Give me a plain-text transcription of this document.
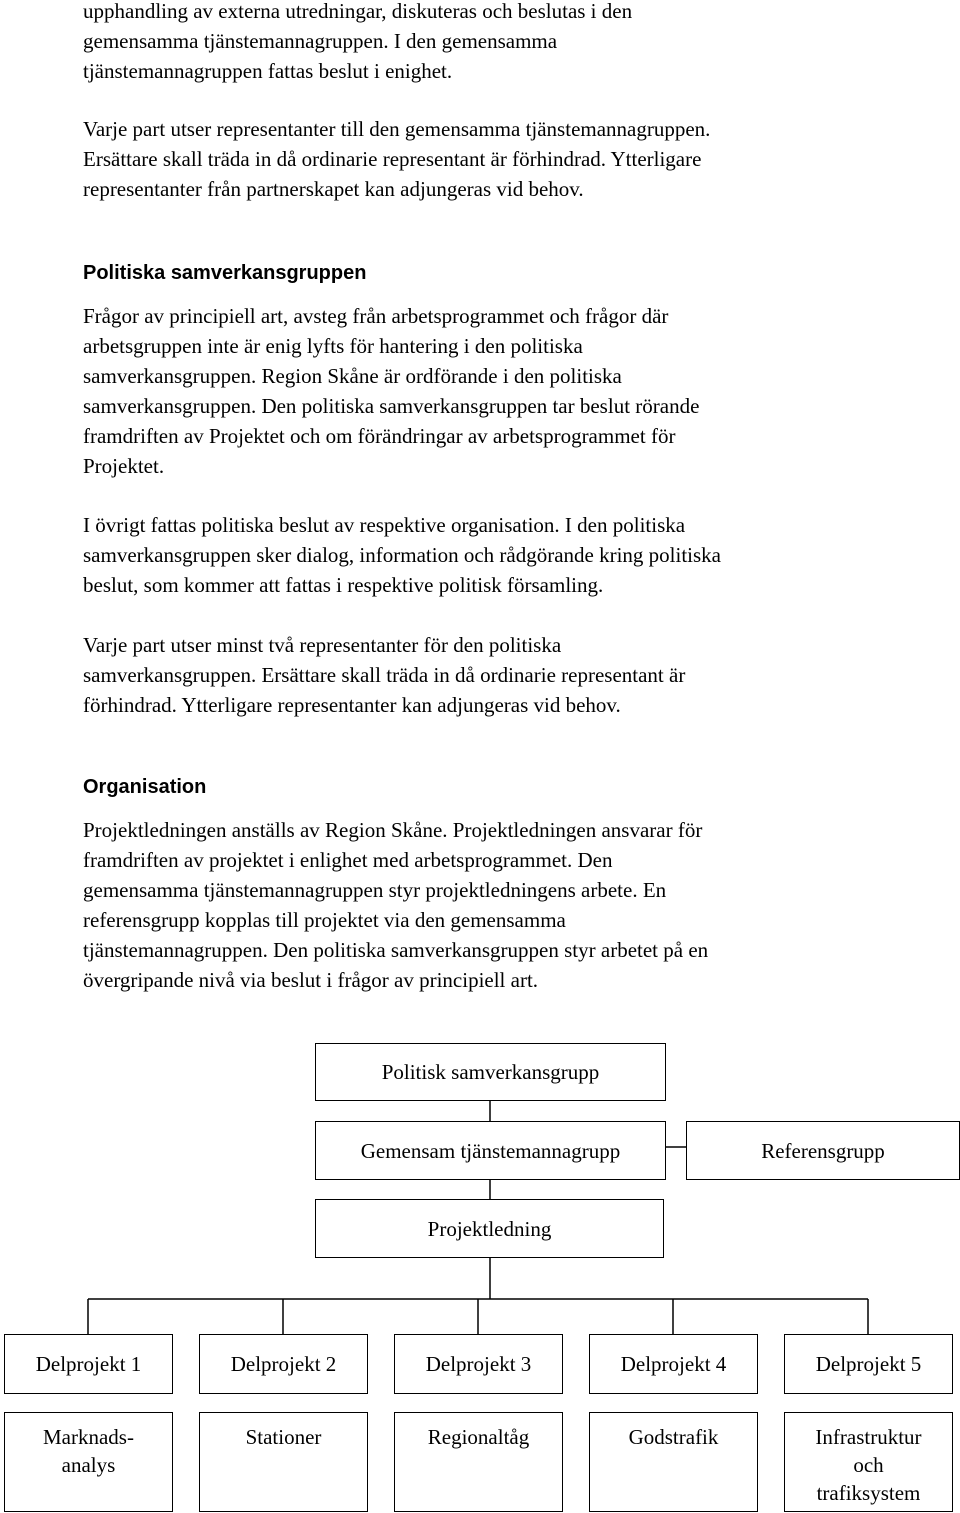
upphandling av externa utredningar, diskuteras och beslutas i den
gemensamma tjänstemannagruppen. I den gemensamma
tjänstemannagruppen fattas beslut i enighet.

Varje part utser representanter till den gemensamma tjänstemannagruppen.
Ersättare skall träda in då ordinarie representant är förhindrad. Ytterligare
representanter från partnerskapet kan adjungeras vid behov.

Politiska samverkansgruppen

Frågor av principiell art, avsteg från arbetsprogrammet och frågor där
arbetsgruppen inte är enig lyfts för hantering i den politiska
samverkansgruppen. Region Skåne är ordförande i den politiska
samverkansgruppen. Den politiska samverkansgruppen tar beslut rörande
framdriften av Projektet och om förändringar av arbetsprogrammet för
Projektet.

I övrigt fattas politiska beslut av respektive organisation. I den politiska
samverkansgruppen sker dialog, information och rådgörande kring politiska
beslut, som kommer att fattas i respektive politisk församling.

Varje part utser minst två representanter för den politiska
samverkansgruppen. Ersättare skall träda in då ordinarie representant är
förhindrad. Ytterligare representanter kan adjungeras vid behov.

Organisation

Projektledningen anställs av Region Skåne. Projektledningen ansvarar för
framdriften av projektet i enlighet med arbetsprogrammet. Den
gemensamma tjänstemannagruppen styr projektledningens arbete. En
referensgrupp kopplas till projektet via den gemensamma
tjänstemannagruppen. Den politiska samverkansgruppen styr arbetet på en
övergripande nivå via beslut i frågor av principiell art.

Politisk samverkansgrupp
Gemensam tjänstemannagrupp	Referensgrupp
Projektledning
Delprojekt 1	Delprojekt 2	Delprojekt 3	Delprojekt 4	Delprojekt 5
Marknads-
analys
Stationer	Regionaltåg	Godstrafik	Infrastruktur
och
trafiksystem
